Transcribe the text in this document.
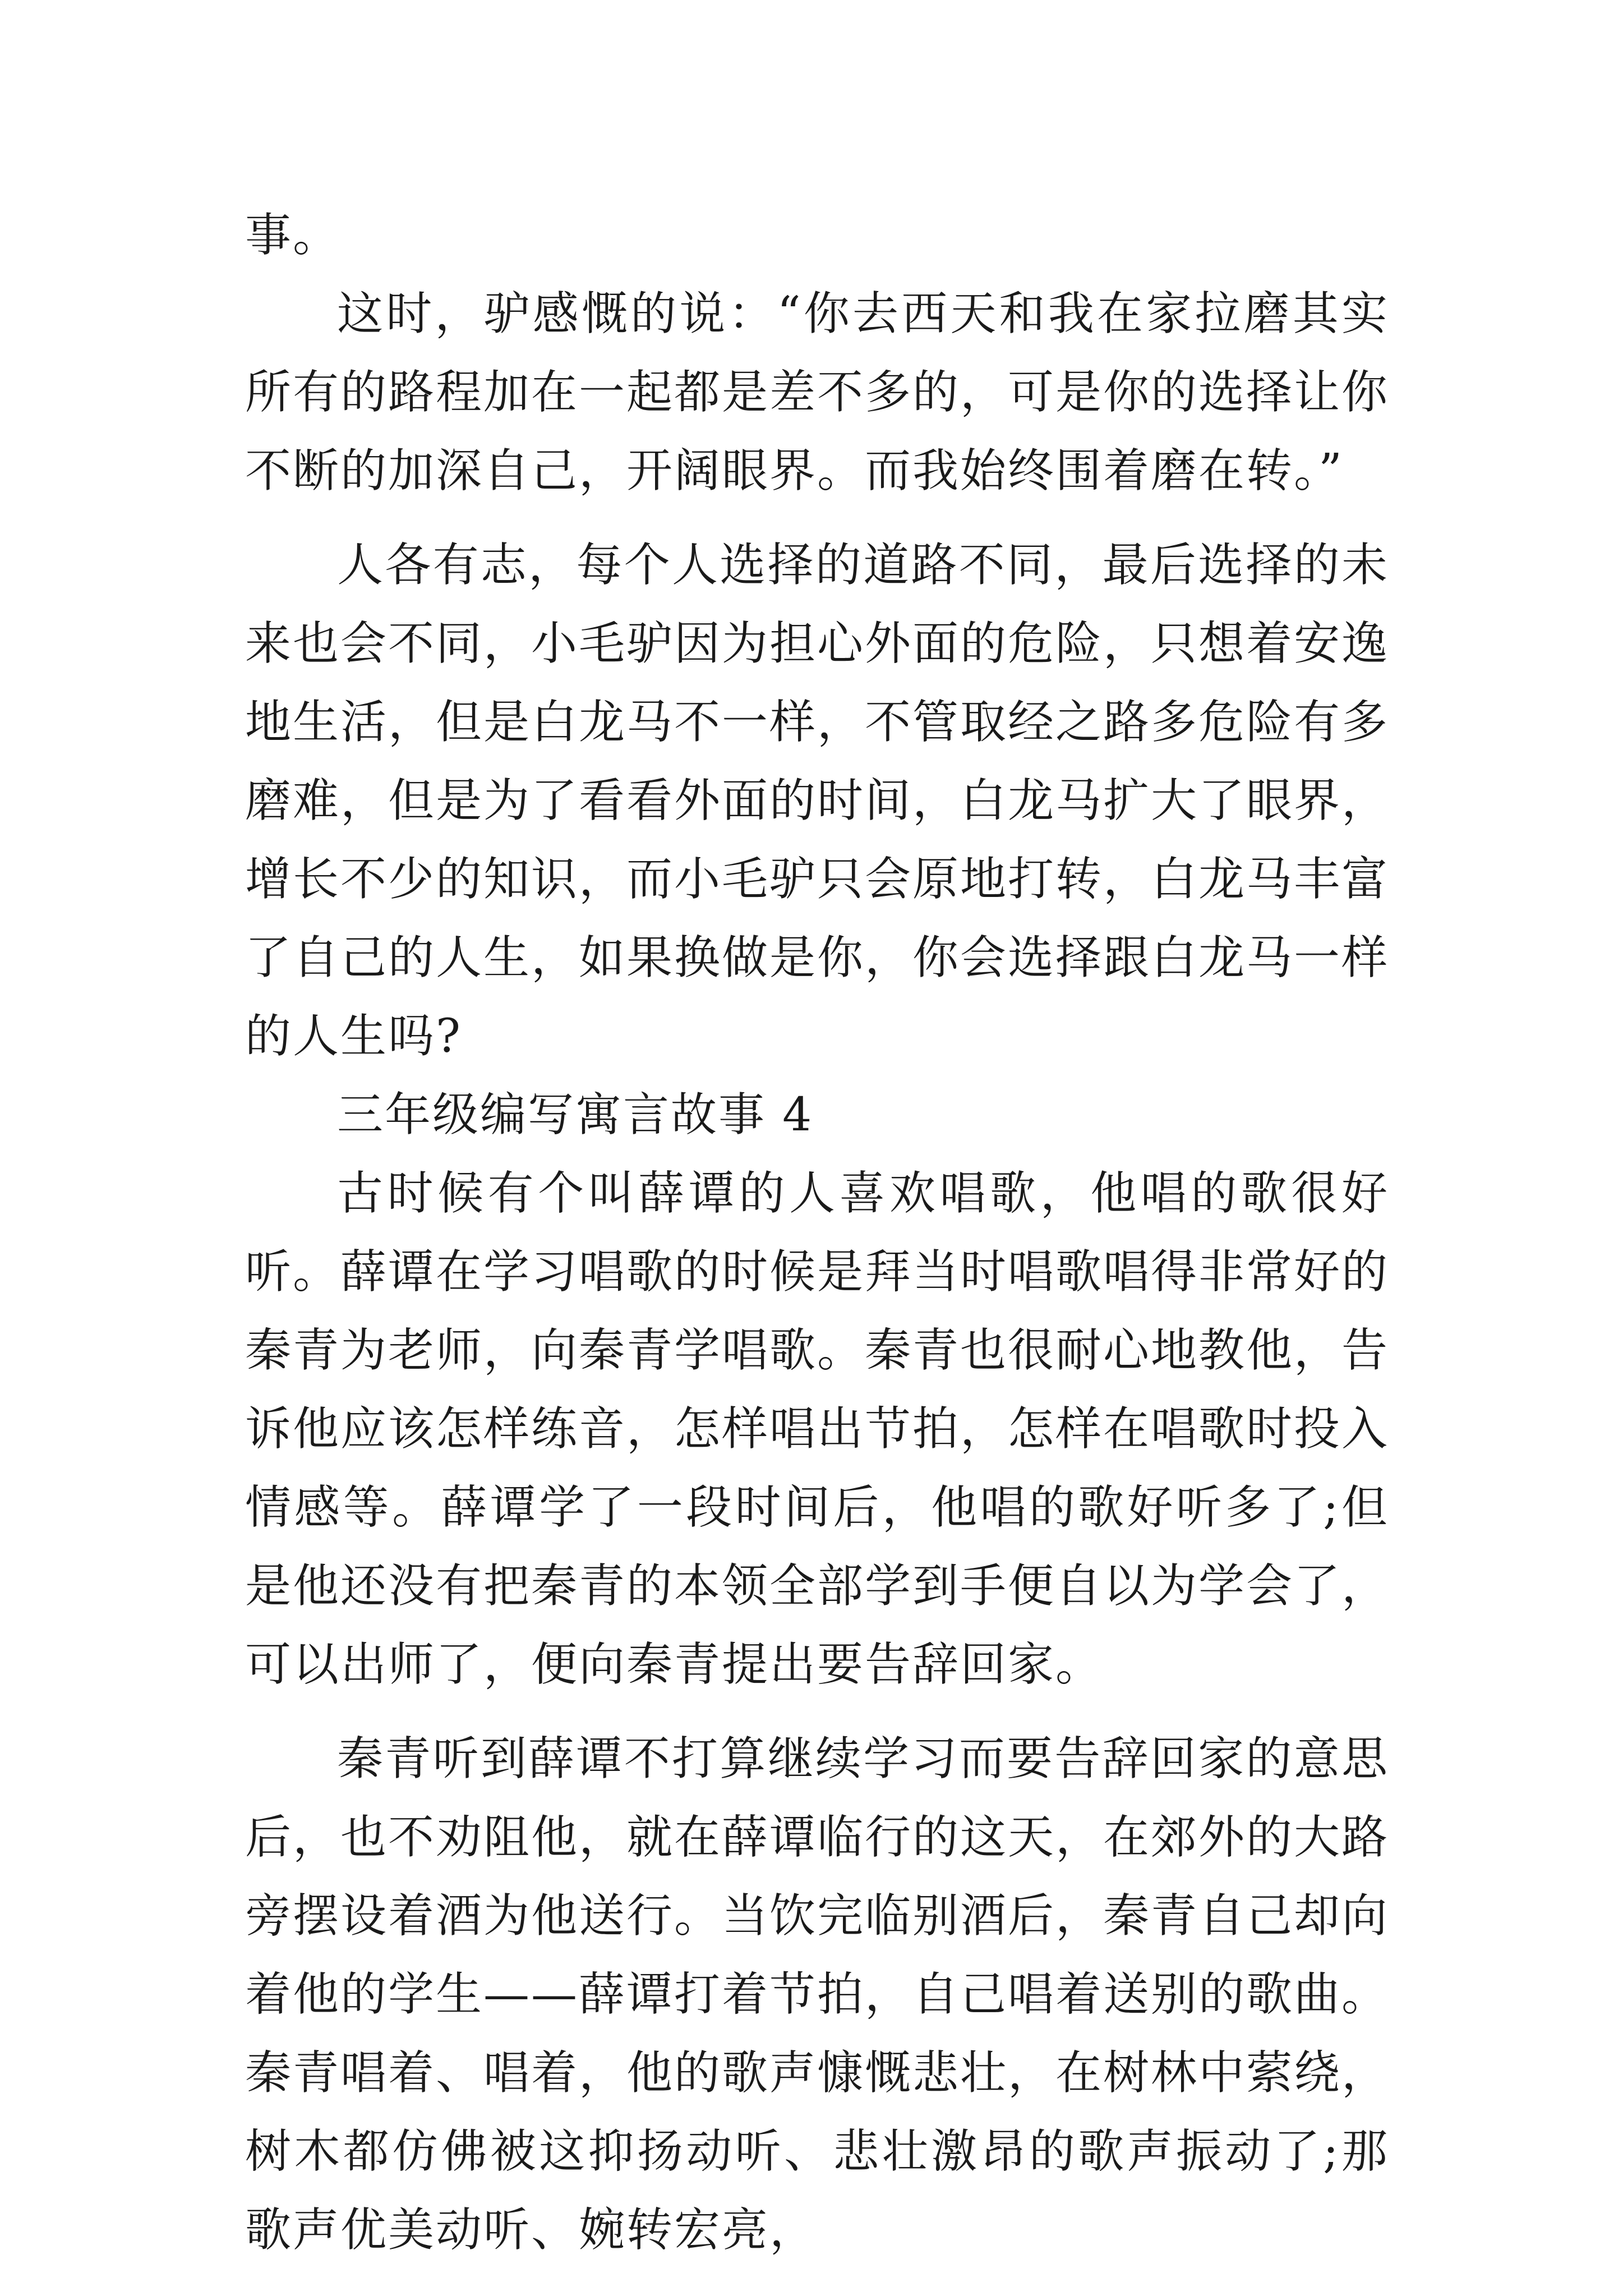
事。

这时，驴感慨的说：“你去西天和我在家拉磨其实所有的路程加在一起都是差不多的，可是你的选择让你不断的加深自己，开阔眼界。而我始终围着磨在转。”

人各有志，每个人选择的道路不同，最后选择的未来也会不同，小毛驴因为担心外面的危险，只想着安逸地生活，但是白龙马不一样，不管取经之路多危险有多磨难，但是为了看看外面的时间，白龙马扩大了眼界，增长不少的知识，而小毛驴只会原地打转，白龙马丰富了自己的人生，如果换做是你，你会选择跟白龙马一样的人生吗?

三年级编写寓言故事 4

古时候有个叫薛谭的人喜欢唱歌，他唱的歌很好听。薛谭在学习唱歌的时候是拜当时唱歌唱得非常好的秦青为老师，向秦青学唱歌。秦青也很耐心地教他，告诉他应该怎样练音，怎样唱出节拍，怎样在唱歌时投入情感等。薛谭学了一段时间后，他唱的歌好听多了;但是他还没有把秦青的本领全部学到手便自以为学会了，可以出师了，便向秦青提出要告辞回家。

秦青听到薛谭不打算继续学习而要告辞回家的意思后，也不劝阻他，就在薛谭临行的这天，在郊外的大路旁摆设着酒为他送行。当饮完临别酒后，秦青自己却向着他的学生——薛谭打着节拍，自己唱着送别的歌曲。秦青唱着、唱着，他的歌声慷慨悲壮，在树林中萦绕，树木都仿佛被这抑扬动听、悲壮激昂的歌声振动了;那歌声优美动听、婉转宏亮，
